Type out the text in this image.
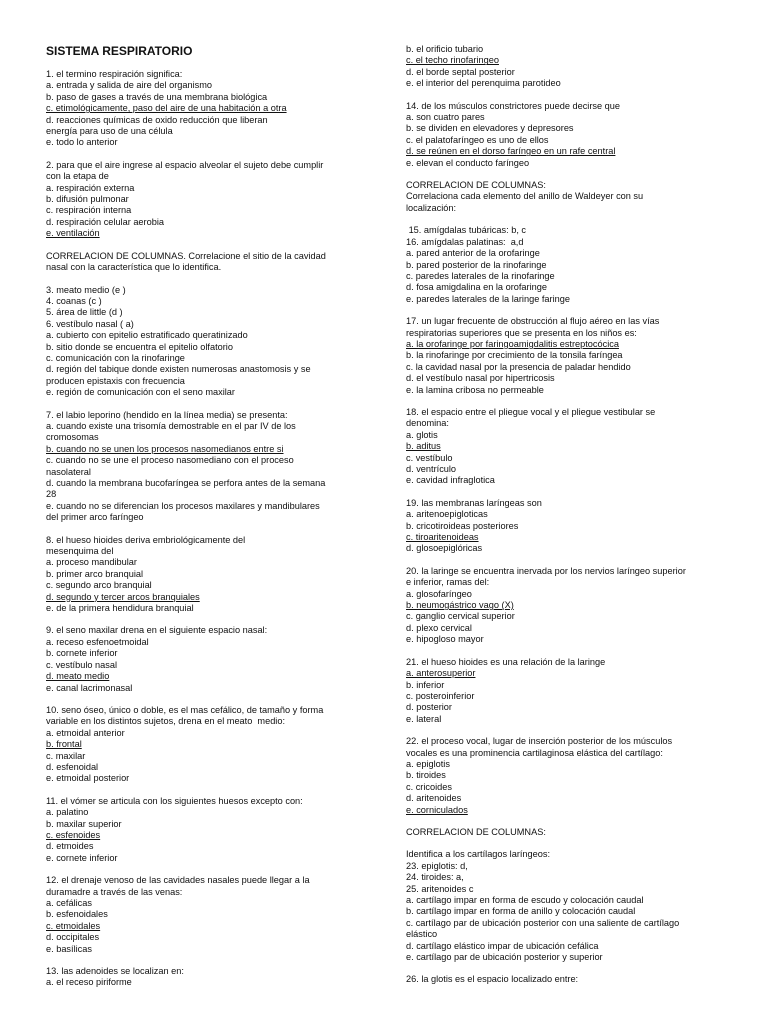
SISTEMA RESPIRATORIO
1. el termino respiración significa:
a. entrada y salida de aire del organismo
b. paso de gases a través de una membrana biológica
c. etimológicamente, paso del aire de una habitación a otra
d. reacciones químicas de oxido reducción que liberan
energía para uso de una célula
e. todo lo anterior
2. para que el aire ingrese al espacio alveolar el sujeto debe cumplir
con la etapa de
a. respiración externa
b. difusión pulmonar
c. respiración interna
d. respiración celular aerobia
e. ventilación
CORRELACION DE COLUMNAS. Correlacione el sitio de la cavidad
nasal con la característica que lo identifica.
3. meato medio (e )
4. coanas (c )
5. área de little (d )
6. vestíbulo nasal ( a)
a. cubierto con epitelio estratificado queratinizado
b. sitio donde se encuentra el epitelio olfatorio
c. comunicación con la rinofaringe
d. región del tabique donde existen numerosas anastomosis y se
producen epistaxis con frecuencia
e. región de comunicación con el seno maxilar
7. el labio leporino (hendido en la línea media) se presenta:
a. cuando existe una trisomía demostrable en el par IV de los
cromosomas
b. cuando no se unen los procesos nasomedianos entre si
c. cuando no se une el proceso nasomediano con el proceso
nasolateral
d. cuando la membrana bucofaríngea se perfora antes de la semana
28
e. cuando no se diferencian los procesos maxilares y mandibulares
del primer arco faríngeo
8. el hueso hioides deriva embriológicamente del
mesenquima del
a. proceso mandibular
b. primer arco branquial
c. segundo arco branquial
d. segundo y tercer arcos branquiales
e. de la primera hendidura branquial
9. el seno maxilar drena en el siguiente espacio nasal:
a. receso esfenoetmoidal
b. cornete inferior
c. vestíbulo nasal
d. meato medio
e. canal lacrimonasal
10. seno óseo, único o doble, es el mas cefálico, de tamaño y forma
variable en los distintos sujetos, drena en el meato  medio:
a. etmoidal anterior
b. frontal
c. maxilar
d. esfenoidal
e. etmoidal posterior
11. el vómer se articula con los siguientes huesos excepto con:
a. palatino
b. maxilar superior
c. esfenoides
d. etmoides
e. cornete inferior
12. el drenaje venoso de las cavidades nasales puede llegar a la
duramadre a través de las venas:
a. cefálicas
b. esfenoidales
c. etmoidales
d. occipitales
e. basílicas
13. las adenoides se localizan en:
a. el receso piriforme
b. el orificio tubario
c. el techo rinofaringeo
d. el borde septal posterior
e. el interior del perenquima parotideo
14. de los músculos constrictores puede decirse que
a. son cuatro pares
b. se dividen en elevadores y depresores
c. el palatofaríngeo es uno de ellos
d. se reúnen en el dorso faríngeo en un rafe central
e. elevan el conducto faríngeo
CORRELACION DE COLUMNAS:
Correlaciona cada elemento del anillo de Waldeyer con su
localización:
15. amígdalas tubáricas: b, c
16. amígdalas palatinas:  a,d
a. pared anterior de la orofaringe
b. pared posterior de la rinofaringe
c. paredes laterales de la rinofaringe
d. fosa amigdalina en la orofaringe
e. paredes laterales de la laringe faringe
17. un lugar frecuente de obstrucción al flujo aéreo en las vías
respiratorias superiores que se presenta en los niños es:
a. la orofaringe por faringoamigdalitis estreptocócica
b. la rinofaringe por crecimiento de la tonsila faríngea
c. la cavidad nasal por la presencia de paladar hendido
d. el vestíbulo nasal por hipertricosis
e. la lamina cribosa no permeable
18. el espacio entre el pliegue vocal y el pliegue vestibular se
denomina:
a. glotis
b. aditus
c. vestíbulo
d. ventrículo
e. cavidad infraglotica
19. las membranas laríngeas son
a. aritenoepigloticas
b. cricotiroideas posteriores
c. tiroaritenoideas
d. glosoepiglóricas
20. la laringe se encuentra inervada por los nervios laríngeo superior
e inferior, ramas del:
a. glosofaríngeo
b. neumogástrico vago (X)
c. ganglio cervical superior
d. plexo cervical
e. hipogloso mayor
21. el hueso hioides es una relación de la laringe
a. anterosuperior
b. inferior
c. posteroinferior
d. posterior
e. lateral
22. el proceso vocal, lugar de inserción posterior de los músculos
vocales es una prominencia cartilaginosa elástica del cartílago:
a. epiglotis
b. tiroides
c. cricoides
d. aritenoides
e. corniculados
CORRELACION DE COLUMNAS:
Identifica a los cartílagos laríngeos:
23. epiglotis: d,
24. tiroides: a,
25. aritenoides c
a. cartílago impar en forma de escudo y colocación caudal
b. cartílago impar en forma de anillo y colocación caudal
c. cartílago par de ubicación posterior con una saliente de cartílago
elástico
d. cartílago elástico impar de ubicación cefálica
e. cartílago par de ubicación posterior y superior
26. la glotis es el espacio localizado entre:
